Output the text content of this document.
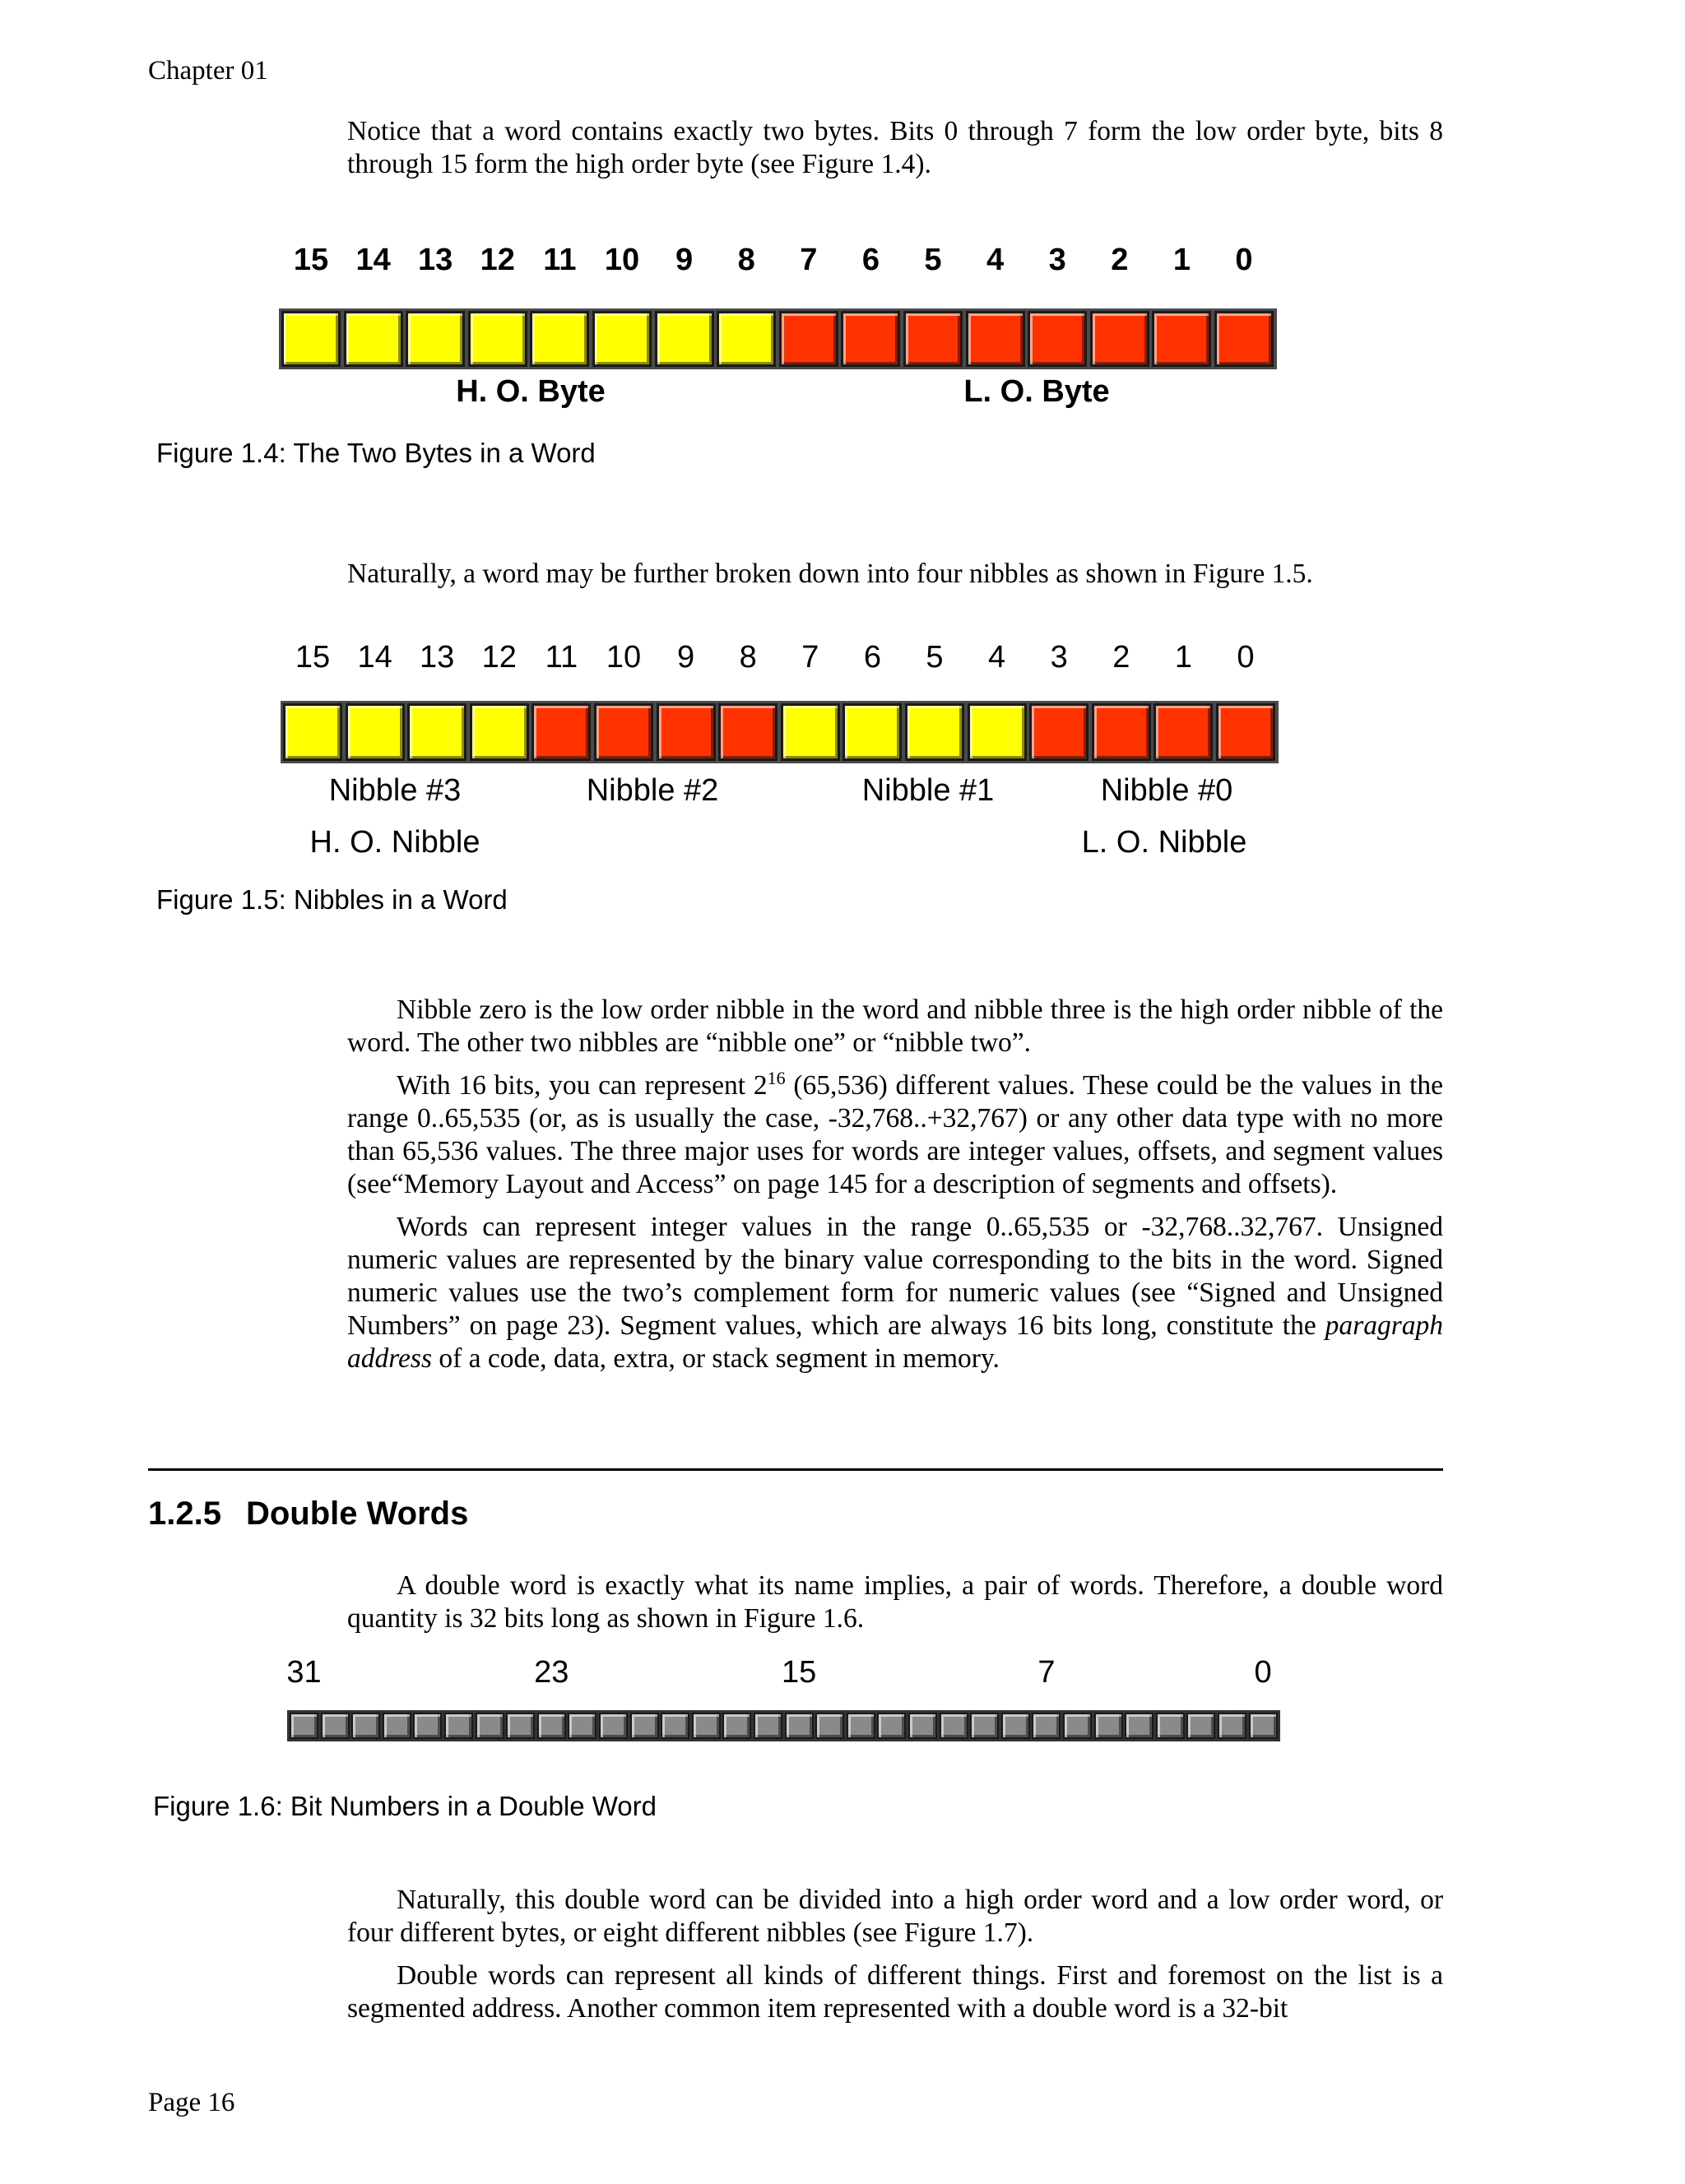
Chapter 01

Notice that a word contains exactly two bytes. Bits 0 through 7 form the low order byte, bits 8 through 15 form the high order byte (see Figure 1.4).

15 14 13 12 11 10	9	8	7	6	5	4	3	2	1	0
H. O. Byte	L. O. Byte
Figure 1.4: The Two Bytes in a Word

Naturally, a word may be further broken down into four nibbles as shown in Figure 1.5.

15 14 13 12 11 10	9	8	7	6	5	4	3	2	1	0
Nibble #3	Nibble #2	Nibble #1	Nibble #0
H. O. Nibble	L. O. Nibble
Figure 1.5: Nibbles in a Word

Nibble zero is the low order nibble in the word and nibble three is the high order nibble of the word. The other two nibbles are “nibble one” or “nibble two”.

With 16 bits, you can represent $2^{16}$ (65,536) different values. These could be the values in the range 0..65,535 (or, as is usually the case, -32,768..+32,767) or any other data type with no more than 65,536 values. The three major uses for words are integer values, offsets, and segment values (see“Memory Layout and Access” on page 145 for a description of segments and offsets).

Words can represent integer values in the range 0..65,535 or -32,768..32,767. Unsigned numeric values are represented by the binary value corresponding to the bits in the word. Signed numeric values use the two’s complement form for numeric values (see “Signed and Unsigned Numbers” on page 23). Segment values, which are always 16 bits long, constitute the paragraph address of a code, data, extra, or stack segment in memory.

1.2.5 Double Words

A double word is exactly what its name implies, a pair of words. Therefore, a double word quantity is 32 bits long as shown in Figure 1.6.

31	23	15	7	0
Figure 1.6: Bit Numbers in a Double Word

Naturally, this double word can be divided into a high order word and a low order word, or four different bytes, or eight different nibbles (see Figure 1.7).

Double words can represent all kinds of different things. First and foremost on the list is a segmented address. Another common item represented with a double word is a 32-bit

Page 16
